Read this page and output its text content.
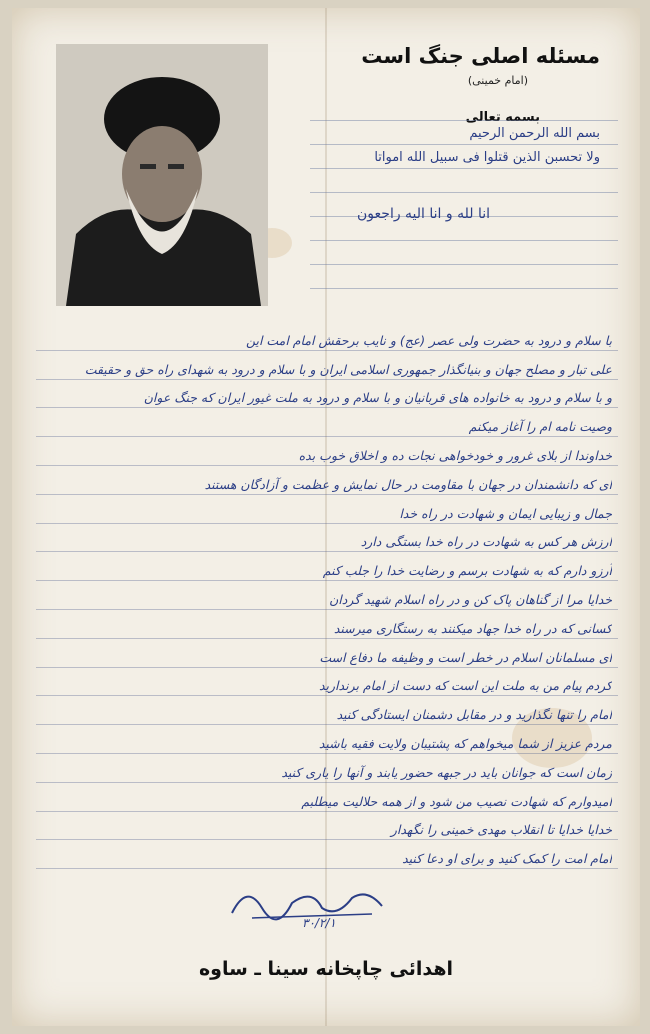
مسئله اصلی جنگ است
(امام خمینی)
بسمه تعالی
بسم الله الرحمن الرحیم
ولا تحسبن الذین قتلوا فی سبیل الله امواتا
انا لله و انا الیه راجعون
با سلام و درود به حضرت ولی عصر (عج) و نایب برحقش امام امت این
علی تبار و مصلح جهان و بنیانگذار جمهوری اسلامی ایران و با سلام و درود به شهدای راه حق و حقیقت
و با سلام و درود به خانواده های قربانیان و با سلام و درود به ملت غیور ایران که جنگ عوان
وصیت نامه ام را آغاز میکنم
خداوندا از بلای غرور و خودخواهی نجات ده و اخلاق خوب بده
ای که دانشمندان در جهان با مقاومت در حال نمایش و عظمت و آزادگان هستند
جمال و زیبایی ایمان و شهادت در راه خدا
ارزش هر کس به شهادت در راه خدا بستگی دارد
آرزو دارم که به شهادت برسم و رضایت خدا را جلب کنم
خدایا مرا از گناهان پاک کن و در راه اسلام شهید گردان
کسانی که در راه خدا جهاد میکنند به رستگاری میرسند
ای مسلمانان اسلام در خطر است و وظیفه ما دفاع است
کردم پیام من به ملت این است که دست از امام برندارید
امام را تنها نگذارید و در مقابل دشمنان ایستادگی کنید
مردم عزیز از شما میخواهم که پشتیبان ولایت فقیه باشید
زمان است که جوانان باید در جبهه حضور یابند و آنها را یاری کنید
امیدوارم که شهادت نصیب من شود و از همه حلالیت میطلبم
خدایا خدایا تا انقلاب مهدی خمینی را نگهدار
امام امت را کمک کنید و برای او دعا کنید
۳۰/۲/۱
اهدائی چاپخانه سینا ـ ساوه
